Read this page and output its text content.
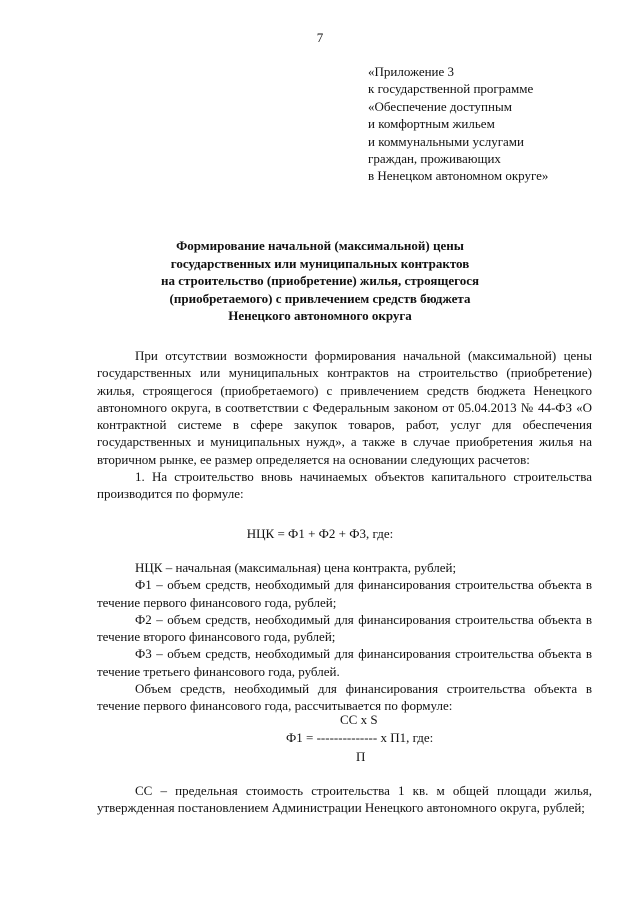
7
«Приложение 3
к государственной программе
«Обеспечение доступным
и комфортным жильем
и коммунальными услугами
граждан, проживающих
в Ненецком автономном округе»
Формирование начальной (максимальной) цены
государственных или муниципальных контрактов
на строительство (приобретение) жилья, строящегося
(приобретаемого) с привлечением средств бюджета
Ненецкого автономного округа

При отсутствии возможности формирования начальной (максимальной) цены государственных или муниципальных контрактов на строительство (приобретение) жилья, строящегося (приобретаемого) с привлечением средств бюджета Ненецкого автономного округа, в соответствии с Федеральным законом от 05.04.2013 № 44-ФЗ «О контрактной системе в сфере закупок товаров, работ, услуг для обеспечения государственных и муниципальных нужд», а также в случае приобретения жилья на вторичном рынке, ее размер определяется на основании следующих расчетов:

1. На строительство вновь начинаемых объектов капитального строительства производится по формуле:

НЦК = Ф1 + Ф2 + Ф3, где:

НЦК – начальная (максимальная) цена контракта, рублей;

Ф1 – объем средств, необходимый для финансирования строительства объекта в течение первого финансового года, рублей;

Ф2 – объем средств, необходимый для финансирования строительства объекта в течение второго финансового года, рублей;

Ф3 – объем средств, необходимый для финансирования строительства объекта в течение третьего финансового года, рублей.

Объем средств, необходимый для финансирования строительства объекта в течение первого финансового года, рассчитывается по формуле:

CC x S
Ф1 = -------------- x П1, где:
П

СС – предельная стоимость строительства 1 кв. м общей площади жилья, утвержденная постановлением Администрации Ненецкого автономного округа, рублей;
